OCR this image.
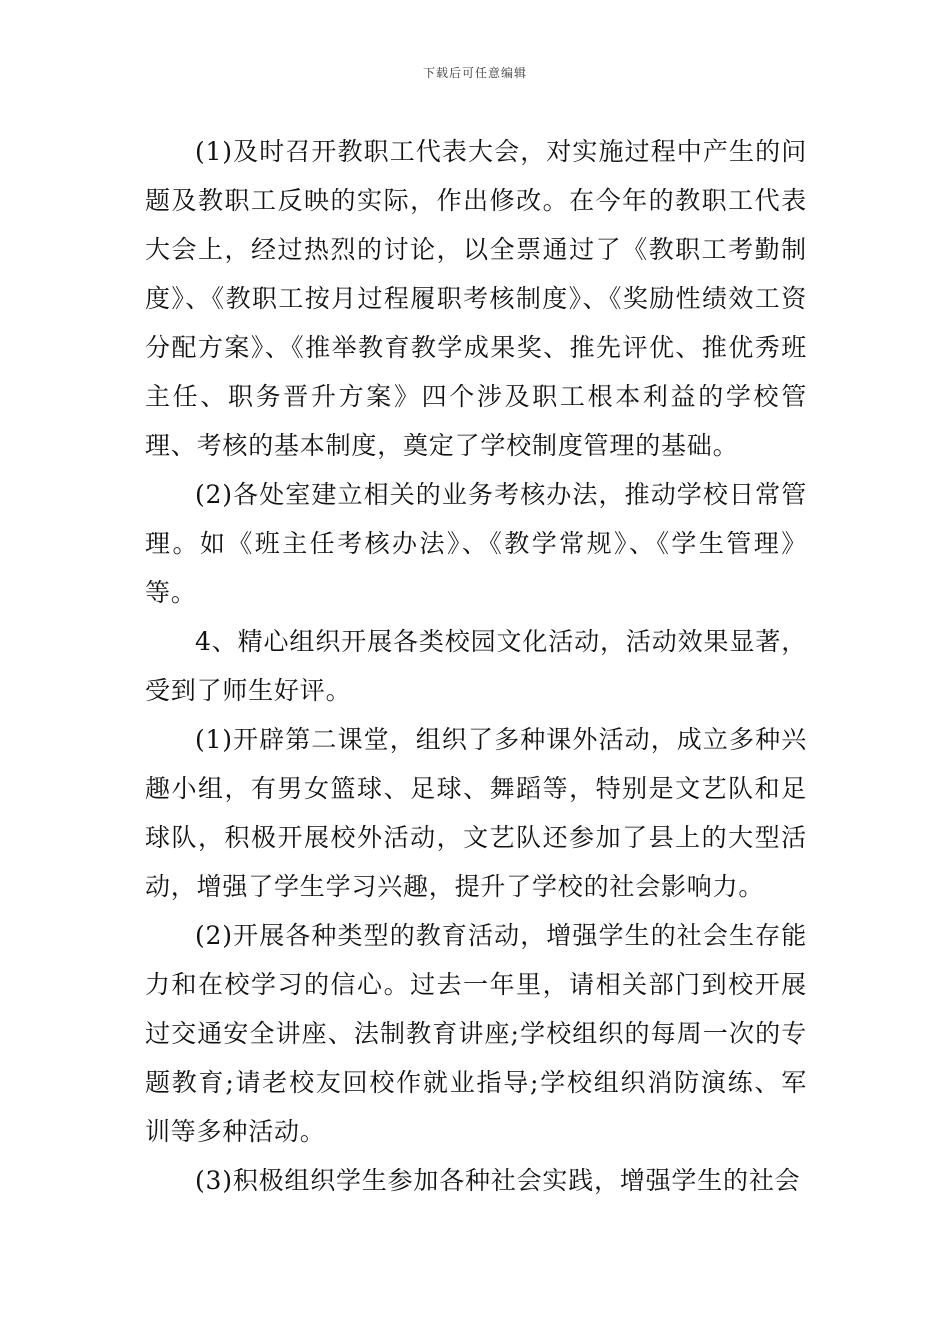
下载后可任意编辑

(1)及时召开教职工代表大会，对实施过程中产生的问题及教职工反映的实际，作出修改。在今年的教职工代表大会上，经过热烈的讨论，以全票通过了《教职工考勤制度》、《教职工按月过程履职考核制度》、《奖励性绩效工资分配方案》、《推举教育教学成果奖、推先评优、推优秀班主任、职务晋升方案》四个涉及职工根本利益的学校管理、考核的基本制度，奠定了学校制度管理的基础。

(2)各处室建立相关的业务考核办法，推动学校日常管理。如《班主任考核办法》、《教学常规》、《学生管理》等。

4、精心组织开展各类校园文化活动，活动效果显著，受到了师生好评。

(1)开辟第二课堂，组织了多种课外活动，成立多种兴趣小组，有男女篮球、足球、舞蹈等，特别是文艺队和足球队，积极开展校外活动，文艺队还参加了县上的大型活动，增强了学生学习兴趣，提升了学校的社会影响力。

(2)开展各种类型的教育活动，增强学生的社会生存能力和在校学习的信心。过去一年里，请相关部门到校开展过交通安全讲座、法制教育讲座;学校组织的每周一次的专题教育;请老校友回校作就业指导;学校组织消防演练、军训等多种活动。

(3)积极组织学生参加各种社会实践，增强学生的社会
